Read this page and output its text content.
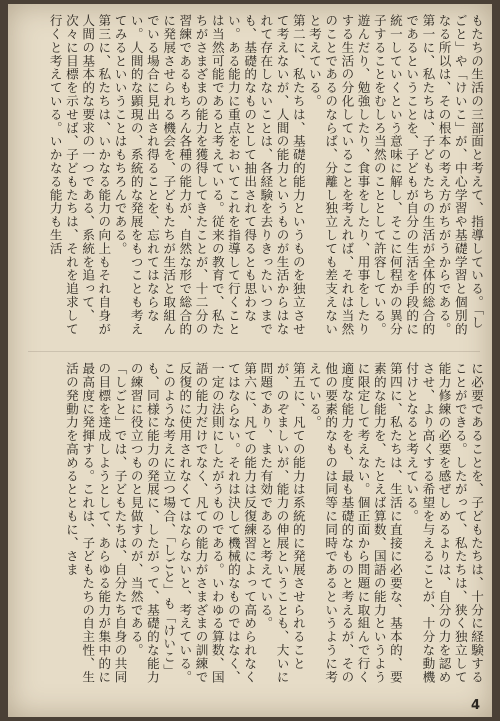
もたちの生活の三部面と考えて、指導している。「しごと」や「けいこ」が、中心学習や基礎学習と個別的なる所以は、その根本の考え方がちがうからである。

第一に、私たちは、子どもたちの生活が全体的総合的であるということを、子どもが自分の生活を手段的に統一していくという意味に解し、そこに何程かの異分子することをむしろ当然のこととして許容している。遊んだり、勉強したり、食事をしたり、用事をしたりする生活の分化していることを考えれば、それは当然のことであるのならば、分離し独立しても差支えないと考えている。

第二に、私たちは、基礎的能力というものを独立させて考えないが、人間の能力というものが生活からはなれて存在しないことは、各経験を去りきったいつまでも、基礎的なものとして抽出されて得るとも思わない。ある能力に重点をおいてこれを指導して行くことは当然可能であると考えている。従来の教育で、私たちがさまざまの能力を獲得してきたことが、十二分の習練であるもちろん各種の能力が、自然な形で総合的に発展させられる機会を、子どもたちが生活と取組んでいる場合に見出され得ることを、忘れてはならない。人間的な顕現の、系統的な発展をもつことも考えてみるといいうことはもちろんである。

第三に、私たちは、いかなる能力の向上もそれ自身が人間の基本的な要求の一つである、系統を追って、次々に目標を示せば、子どもたちは、それを追求して行くと考えている。いかなる能力も生活

に必要であることを、子どもたちは、十分に経験することができる。したがって、私たちは、狭く独立して能力修練の必要を感ぜしめるよりは、自分の力を認めさせ、より高くする希望を与えることが、十分な動機付けとなると考えている。

第四に、私たちは、生活に直接に必要な、基本的、要素的な能力を、たとえば算数、国語の能力というように限定して考えない。個正面から問題に取組んで行く適度な能力をも、最も基礎的なものと考えるが、その他の要素的なものは同等に同時であるというように考えている。

第五に、凡ての能力は系統的に発展させられることが、のぞましいが、能力の伸展ということも、大いに問題であり、また有効であると考えている。

第六に、凡ての能力は反復練習によって高められなくてはならない。それは決して機械的なものではなく、一定の法則にしたがうものである。いわゆる算数、国語の能力だけでなく、凡ての能力がさまざまの訓練で反復的に使用されなくてはならないと、考えている。

このような考えに立つ場合、「しごと」も「けいこ」も、同様に能力の発展に、したがって、基礎的な能力の練習に役立つものと見做すのが、当然である。

「しごと」では、子どもたちは、自分たち自身の共同の目標を達成しようとして、あらゆる能力が集中的に最高度に発揮する。これは、子どもたちの自主性、生活の発動力を高めるとともに、さま

4
